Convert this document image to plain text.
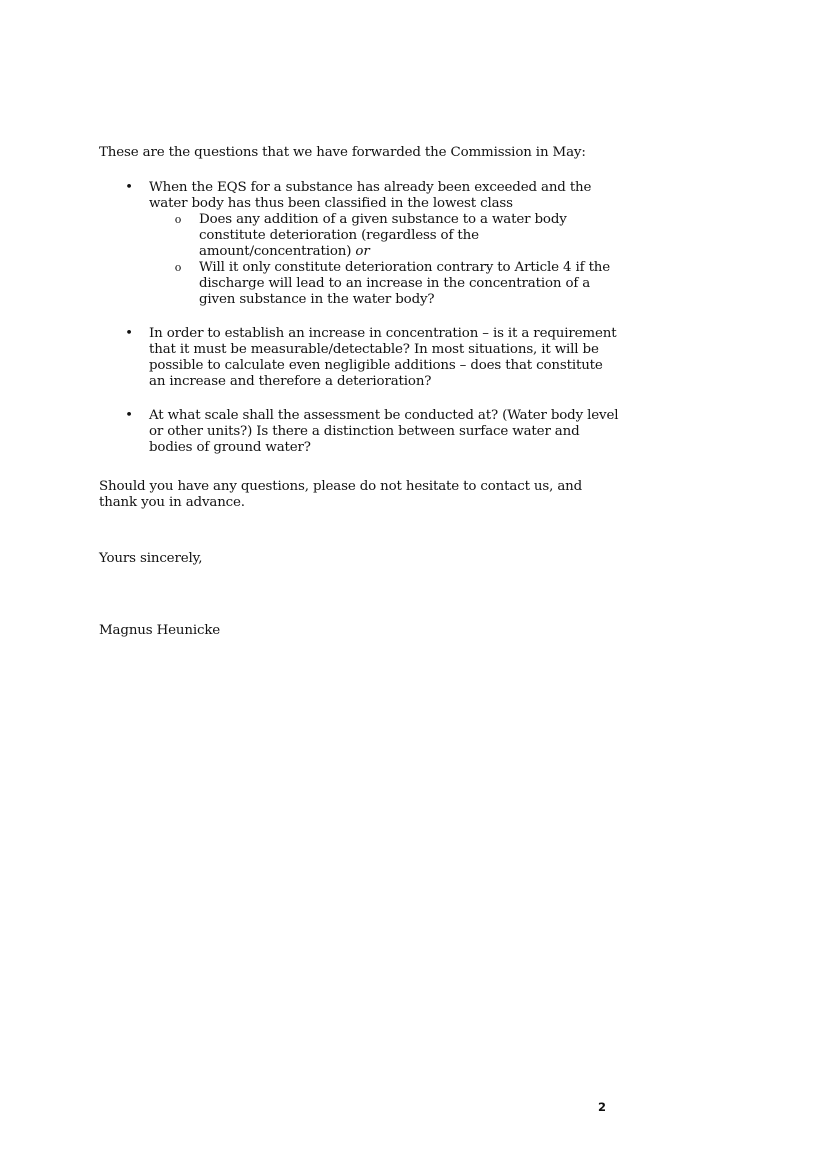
These are the questions that we have forwarded the Commission in May:
• When the EQS for a substance has already been exceeded and the water body has thus been classified in the lowest class
o Does any addition of a given substance to a water body constitute deterioration (regardless of the amount/concentration) or
o Will it only constitute deterioration contrary to Article 4 if the discharge will lead to an increase in the concentration of a given substance in the water body?
• In order to establish an increase in concentration – is it a requirement that it must be measurable/detectable? In most situations, it will be possible to calculate even negligible additions – does that constitute an increase and therefore a deterioration?
• At what scale shall the assessment be conducted at? (Water body level or other units?) Is there a distinction between surface water and bodies of ground water?
Should you have any questions, please do not hesitate to contact us, and thank you in advance.
Yours sincerely,
Magnus Heunicke
2
